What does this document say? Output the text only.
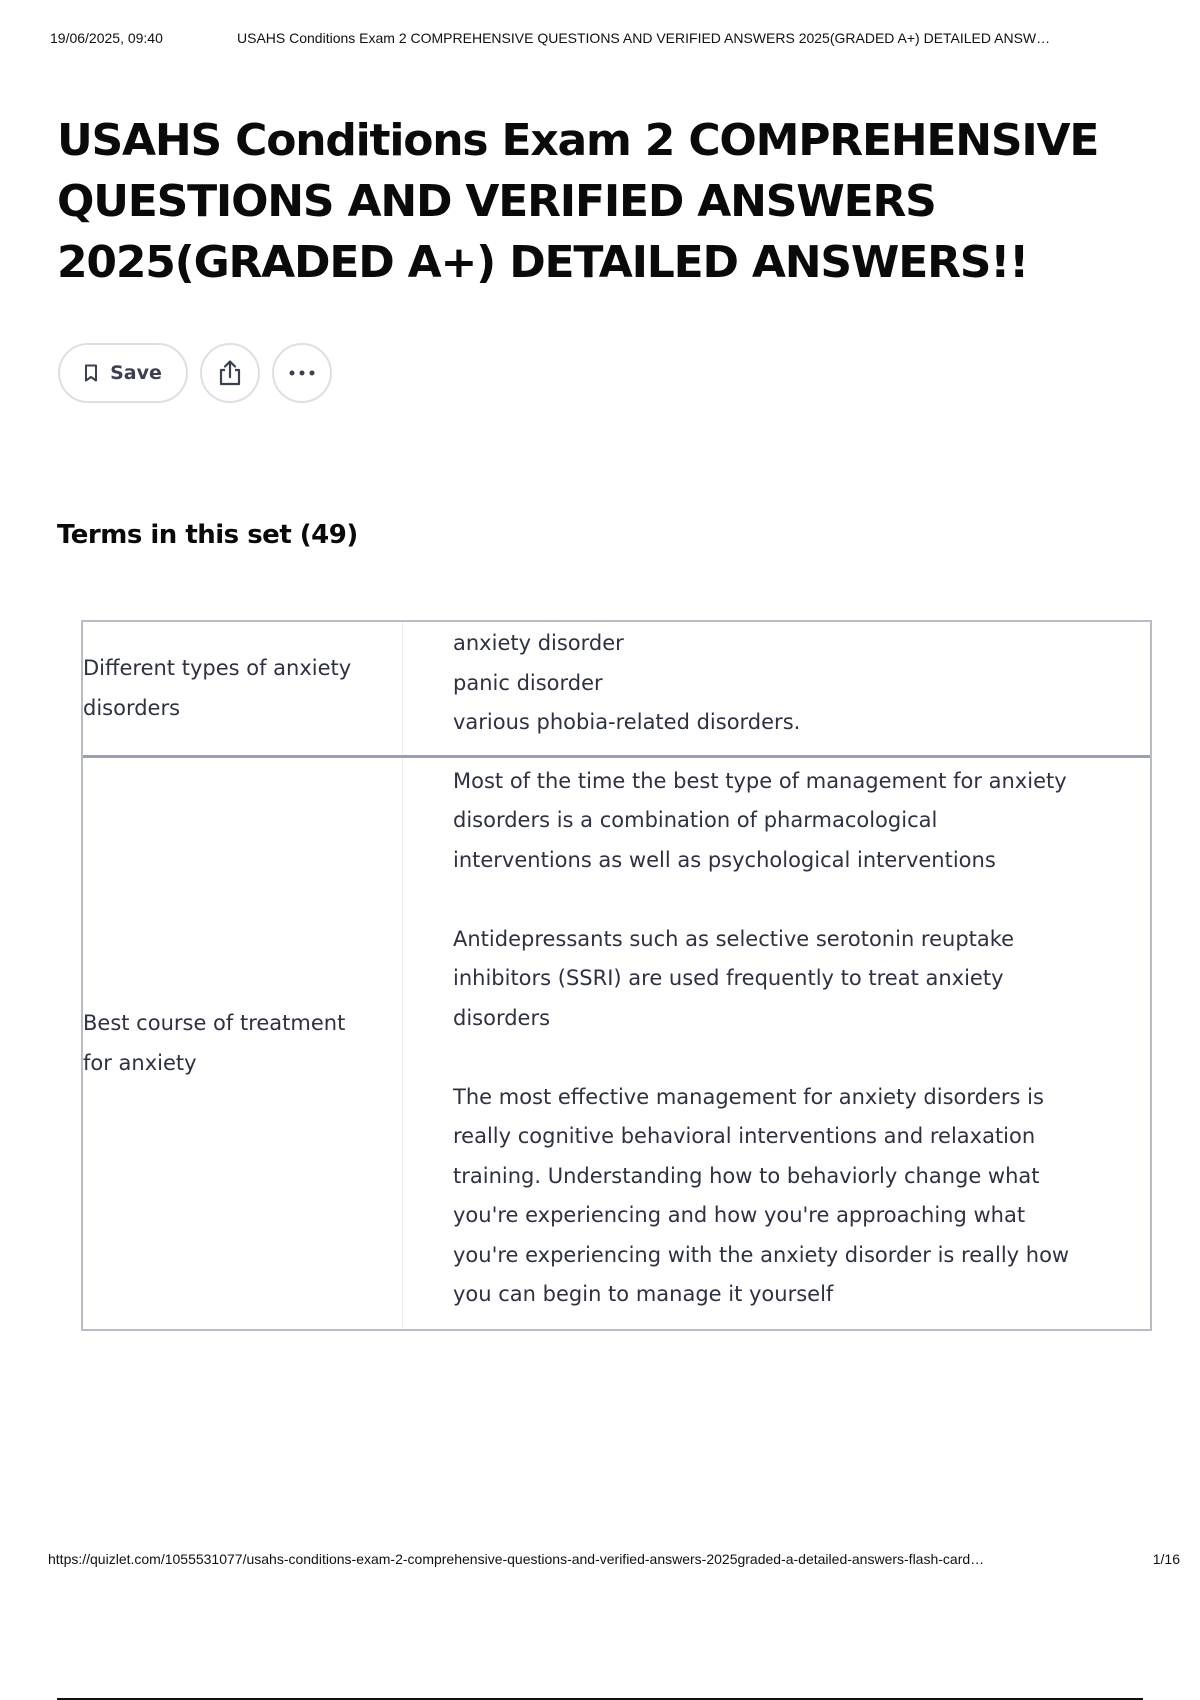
19/06/2025, 09:40	USAHS Conditions Exam 2 COMPREHENSIVE QUESTIONS AND VERIFIED ANSWERS 2025(GRADED A+) DETAILED ANSW…
USAHS Conditions Exam 2 COMPREHENSIVE QUESTIONS AND VERIFIED ANSWERS 2025(GRADED A+) DETAILED ANSWERS!!
Save
Terms in this set (49)
Different types of anxiety disorders

anxiety disorder
panic disorder
various phobia-related disorders.

Best course of treatment for anxiety

Most of the time the best type of management for anxiety disorders is a combination of pharmacological interventions as well as psychological interventions

Antidepressants such as selective serotonin reuptake inhibitors (SSRI) are used frequently to treat anxiety disorders

The most effective management for anxiety disorders is really cognitive behavioral interventions and relaxation training. Understanding how to behaviorly change what you're experiencing and how you're approaching what you're experiencing with the anxiety disorder is really how you can begin to manage it yourself

https://quizlet.com/1055531077/usahs-conditions-exam-2-comprehensive-questions-and-verified-answers-2025graded-a-detailed-answers-flash-card…	1/16
